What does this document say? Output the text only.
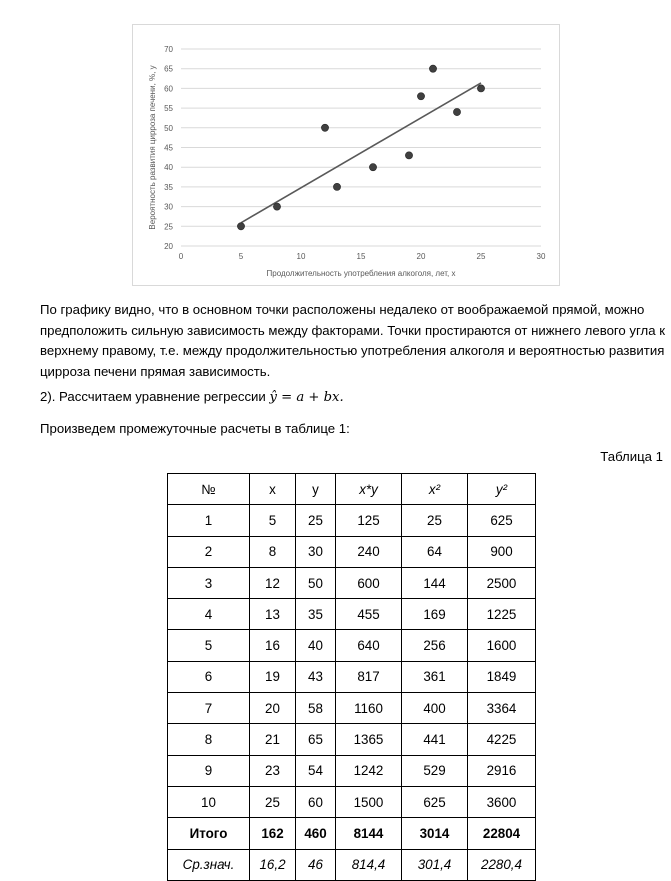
20
25
30
35
40
45
50
55
60
65
70
0	5	10	15	20	25	30
Продолжительность употребления алкоголя, лет, x
Вероятность развития цирроза печени, %, y

По графику видно, что в основном точки расположены недалеко от воображаемой прямой, можно предположить сильную зависимость между факторами. Точки простираются от нижнего левого угла к верхнему правому, т.е. между продолжительностью употребления алкоголя и вероятностью развития цирроза печени прямая зависимость.

2). Рассчитаем уравнение регрессии ŷ = a + bx.

Произведем промежуточные расчеты в таблице 1:

Таблица 1
№	x	y	x*y	x²	y²
1	5	25	125	25	625
2	8	30	240	64	900
3	12	50	600	144	2500
4	13	35	455	169	1225
5	16	40	640	256	1600
6	19	43	817	361	1849
7	20	58	1160	400	3364
8	21	65	1365	441	4225
9	23	54	1242	529	2916
10	25	60	1500	625	3600
Итого	162	460	8144	3014	22804
Ср.знач.	16,2	46	814,4	301,4	2280,4
